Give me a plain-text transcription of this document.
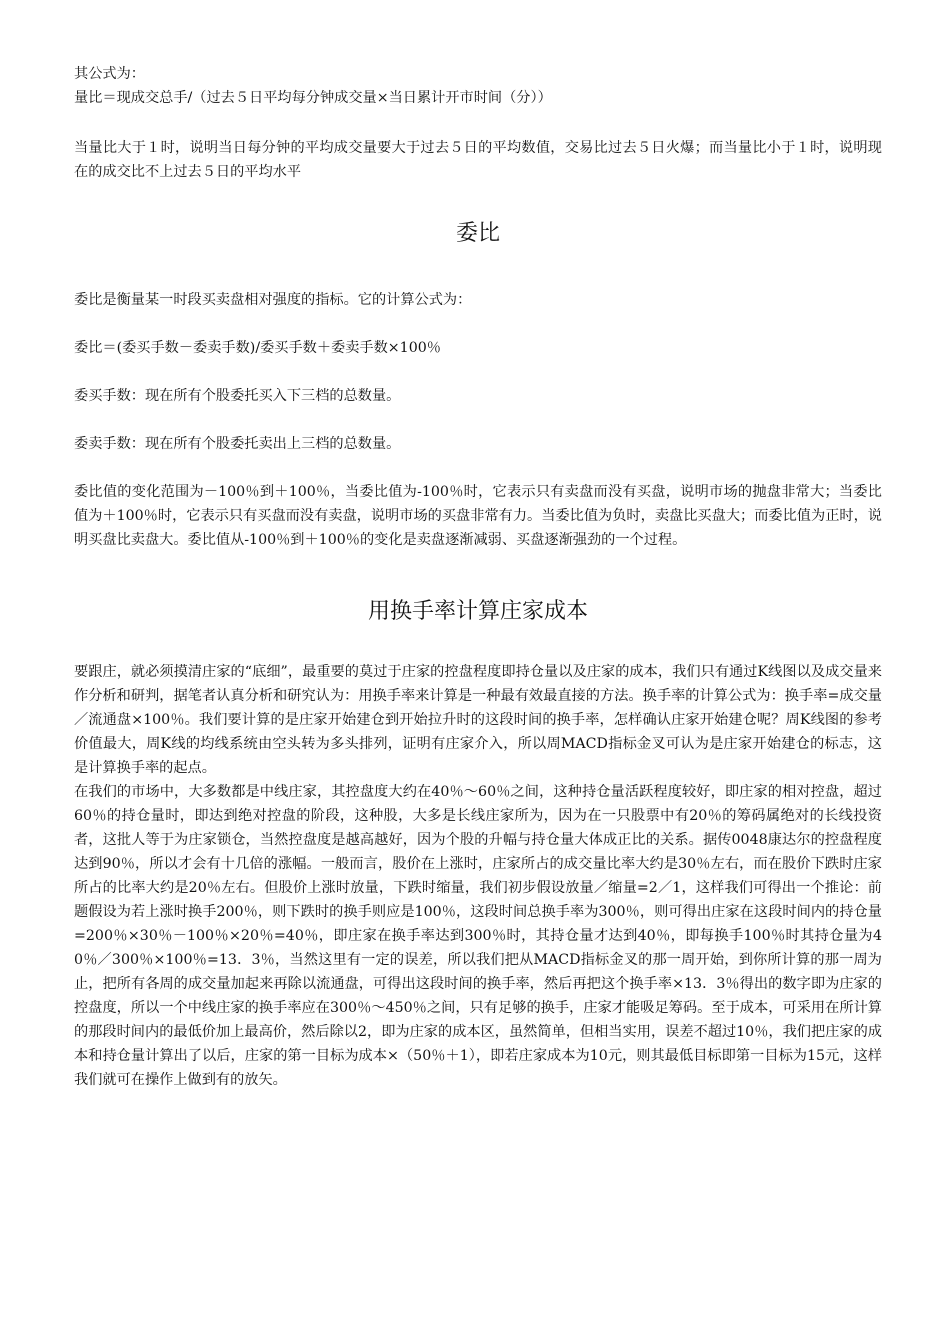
其公式为：

量比＝现成交总手/（过去５日平均每分钟成交量×当日累计开市时间（分））

当量比大于１时，说明当日每分钟的平均成交量要大于过去５日的平均数值，交易比过去５日火爆；而当量比小于１时，说明现在的成交比不上过去５日的平均水平

委比

委比是衡量某一时段买卖盘相对强度的指标。它的计算公式为：

委比＝(委买手数－委卖手数)/委买手数＋委卖手数×100％

委买手数：现在所有个股委托买入下三档的总数量。

委卖手数：现在所有个股委托卖出上三档的总数量。

委比值的变化范围为－100％到＋100％，当委比值为-100％时，它表示只有卖盘而没有买盘，说明市场的抛盘非常大；当委比值为＋100％时，它表示只有买盘而没有卖盘，说明市场的买盘非常有力。当委比值为负时，卖盘比买盘大；而委比值为正时，说明买盘比卖盘大。委比值从-100％到＋100％的变化是卖盘逐渐减弱、买盘逐渐强劲的一个过程。

用换手率计算庄家成本

要跟庄，就必须摸清庄家的“底细”，最重要的莫过于庄家的控盘程度即持仓量以及庄家的成本，我们只有通过K线图以及成交量来作分析和研判，据笔者认真分析和研究认为：用换手率来计算是一种最有效最直接的方法。换手率的计算公式为：换手率=成交量／流通盘×100％。我们要计算的是庄家开始建仓到开始拉升时的这段时间的换手率，怎样确认庄家开始建仓呢？周K线图的参考价值最大，周K线的均线系统由空头转为多头排列，证明有庄家介入，所以周MACD指标金叉可认为是庄家开始建仓的标志，这是计算换手率的起点。

在我们的市场中，大多数都是中线庄家，其控盘度大约在40％～60％之间，这种持仓量活跃程度较好，即庄家的相对控盘，超过60％的持仓量时，即达到绝对控盘的阶段，这种股，大多是长线庄家所为，因为在一只股票中有20％的筹码属绝对的长线投资者，这批人等于为庄家锁仓，当然控盘度是越高越好，因为个股的升幅与持仓量大体成正比的关系。据传0048康达尔的控盘程度达到90％，所以才会有十几倍的涨幅。一般而言，股价在上涨时，庄家所占的成交量比率大约是30％左右，而在股价下跌时庄家所占的比率大约是20％左右。但股价上涨时放量，下跌时缩量，我们初步假设放量／缩量=2／1，这样我们可得出一个推论：前题假设为若上涨时换手200％，则下跌时的换手则应是100％，这段时间总换手率为300％，则可得出庄家在这段时间内的持仓量=200％×30％－100％×20％=40％，即庄家在换手率达到300％时，其持仓量才达到40％，即每换手100％时其持仓量为40％／300％×100％=13．3％，当然这里有一定的误差，所以我们把从MACD指标金叉的那一周开始，到你所计算的那一周为止，把所有各周的成交量加起来再除以流通盘，可得出这段时间的换手率，然后再把这个换手率×13．3％得出的数字即为庄家的控盘度，所以一个中线庄家的换手率应在300％～450％之间，只有足够的换手，庄家才能吸足筹码。至于成本，可采用在所计算的那段时间内的最低价加上最高价，然后除以2，即为庄家的成本区，虽然简单，但相当实用，误差不超过10％，我们把庄家的成本和持仓量计算出了以后，庄家的第一目标为成本×（50％＋1），即若庄家成本为10元，则其最低目标即第一目标为15元，这样我们就可在操作上做到有的放矢。
